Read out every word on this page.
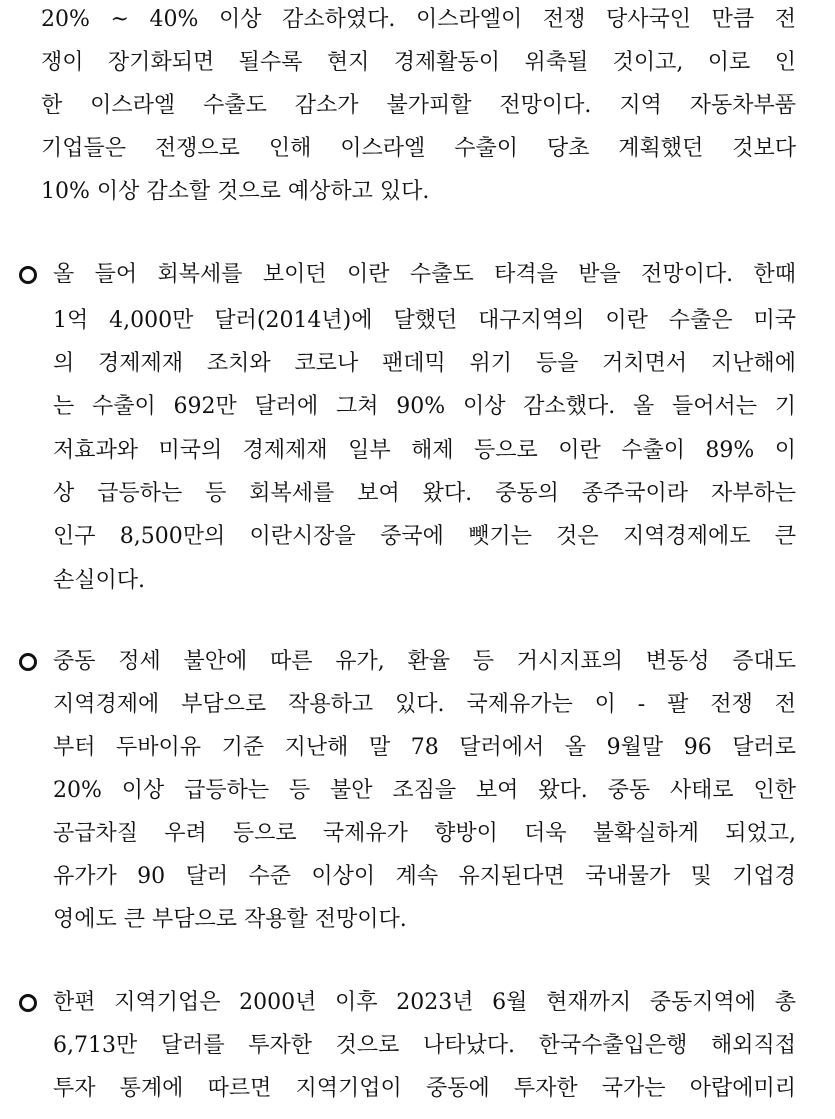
20% ~ 40% 이상 감소하였다. 이스라엘이 전쟁 당사국인 만큼 전
쟁이 장기화되면 될수록 현지 경제활동이 위축될 것이고, 이로 인
한 이스라엘 수출도 감소가 불가피할 전망이다. 지역 자동차부품
기업들은 전쟁으로 인해 이스라엘 수출이 당초 계획했던 것보다
10% 이상 감소할 것으로 예상하고 있다.
올 들어 회복세를 보이던 이란 수출도 타격을 받을 전망이다. 한때
1억 4,000만 달러(2014년)에 달했던 대구지역의 이란 수출은 미국
의 경제제재 조치와 코로나 팬데믹 위기 등을 거치면서 지난해에
는 수출이 692만 달러에 그쳐 90% 이상 감소했다. 올 들어서는 기
저효과와 미국의 경제제재 일부 해제 등으로 이란 수출이 89% 이
상 급등하는 등 회복세를 보여 왔다. 중동의 종주국이라 자부하는
인구 8,500만의 이란시장을 중국에 뺏기는 것은 지역경제에도 큰
손실이다.
중동 정세 불안에 따른 유가, 환율 등 거시지표의 변동성 증대도
지역경제에 부담으로 작용하고 있다. 국제유가는 이 - 팔 전쟁 전
부터 두바이유 기준 지난해 말 78 달러에서 올 9월말 96 달러로
20% 이상 급등하는 등 불안 조짐을 보여 왔다. 중동 사태로 인한
공급차질 우려 등으로 국제유가 향방이 더욱 불확실하게 되었고,
유가가 90 달러 수준 이상이 계속 유지된다면 국내물가 및 기업경
영에도 큰 부담으로 작용할 전망이다.
한편 지역기업은 2000년 이후 2023년 6월 현재까지 중동지역에 총
6,713만 달러를 투자한 것으로 나타났다. 한국수출입은행 해외직접
투자 통계에 따르면 지역기업이 중동에 투자한 국가는 아랍에미리
